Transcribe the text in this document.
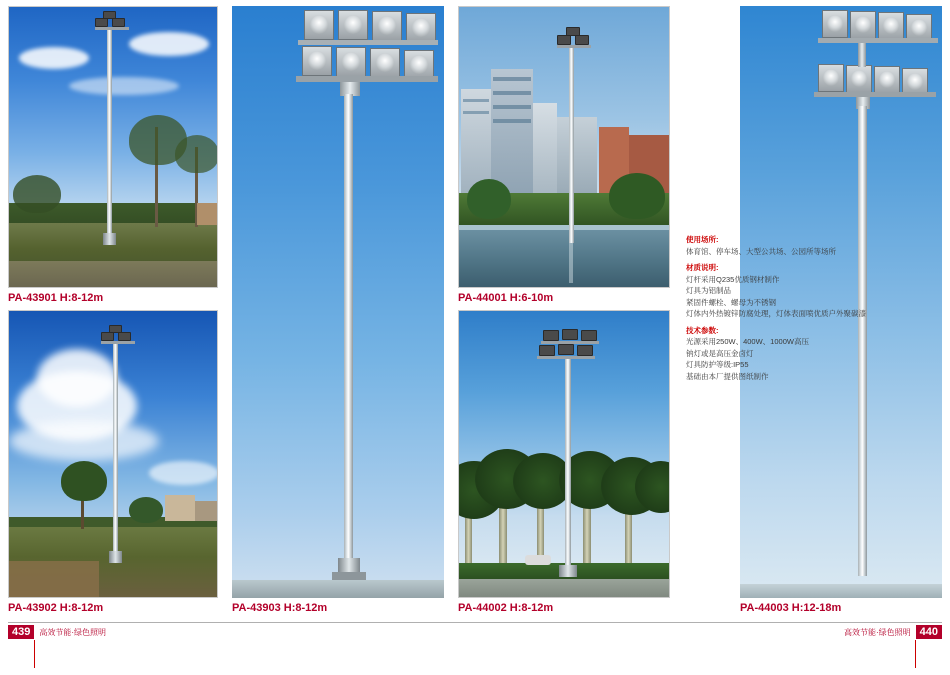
PA-43901 H:8-12m
PA-43902 H:8-12m	PA-43903 H:8-12m
PA-44001 H:6-10m
PA-44002 H:8-12m	PA-44003 H:12-18m
使用场所:
体育馆、停车场、大型公共场、公园所等场所
材质说明:
灯杆采用Q235优质钢材制作
灯具为铝制品
紧固件螺栓、螺母为不锈钢
灯体内外热镀锌防腐处理，灯体表面喷优质户外聚碳漆
技术参数:
光源采用250W、400W、1000W高压
钠灯或是高压金卤灯
灯具防护等级:IP55
基础由本厂提供图纸制作
439	高效节能·绿色照明	高效节能·绿色照明 440
